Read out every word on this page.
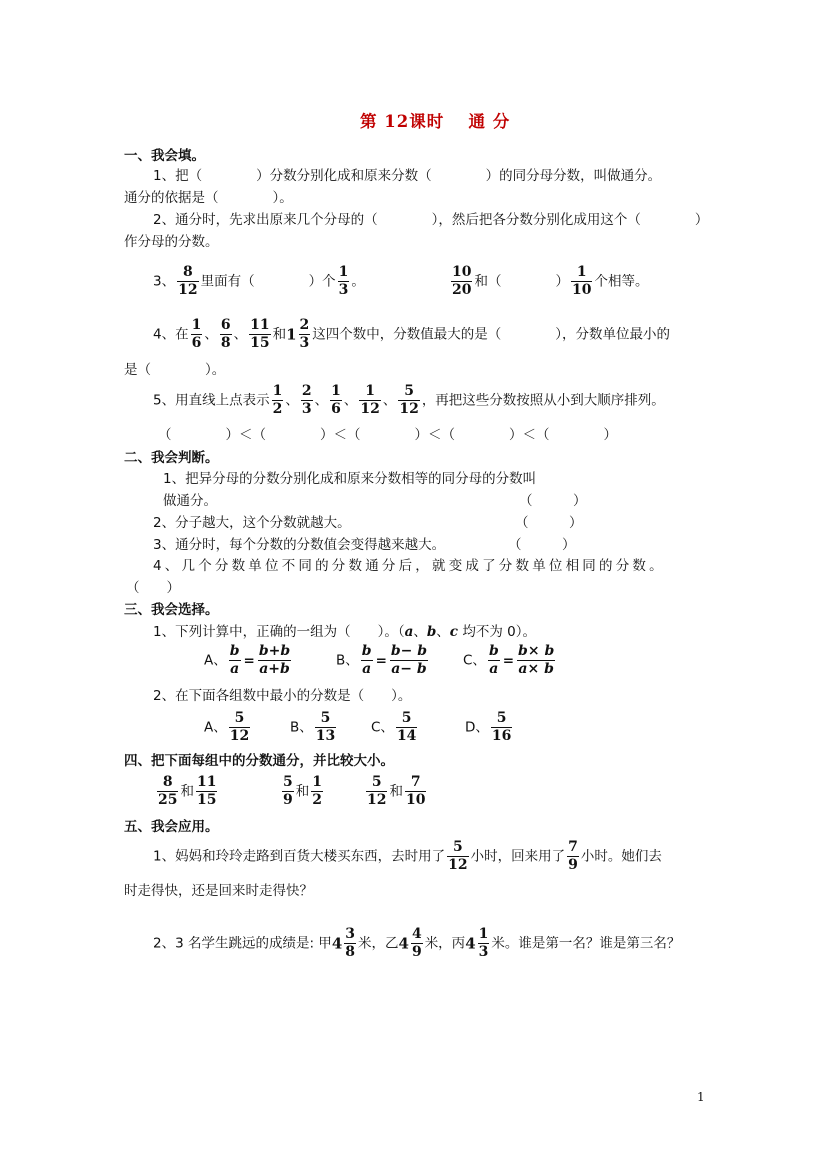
第 12课时　 通 分
一、我会填。
1、把（　　　　）分数分别化成和原来分数（　　　　）的同分母分数，叫做通分。
通分的依据是（　　　　）。
2、通分时，先求出原来几个分母的（　　　　），然后把各分数分别化成用这个（　　　　）
作分母的分数。
3、 $\frac{8}{12}$ 里面有（　　　　）个 $\frac{1}{3}$ 。	$\frac{10}{20}$ 和（　　　　） $\frac{1}{10}$ 个相等。
4、在 $\frac{1}{6}$ 、 $\frac{6}{8}$ 、 $\frac{11}{15}$ 和$1 \frac{2}{3}$ 这四个数中，分数值最大的是（　　　　），分数单位最小的
是（　　　　）。
5、用直线上点表示 $\frac{1}{2}$ 、 $\frac{2}{3}$ 、 $\frac{1}{6}$ 、 $\frac{1}{12}$ 、 $\frac{5}{12}$ ，再把这些分数按照从小到大顺序排列。
（　　　　）＜（　　　　）＜（　　　　）＜（　　　　）＜（　　　　）
二、我会判断。
1、把异分母的分数分别化成和原来分数相等的同分母的分数叫
做通分。	（　　　）
2、分子越大，这个分数就越大。	（　　　）
3、通分时，每个分数的分数值会变得越来越大。	（　　　）
4、几个分数单位不同的分数通分后，就变成了分数单位相同的分数。
（　　）
三、我会选择。
1、下列计算中，正确的一组为（　　）。（a、b、c 均不为 0）。
A、 $\frac{b}{a} = \frac{b+b}{a+b}$	B、 $\frac{b}{a} = \frac{b- b}{a- b}$	C、 $\frac{b}{a} = \frac{b\times b}{a\times b}$
2、在下面各组数中最小的分数是（　　）。
A、 $\frac{5}{12}$	B、 $\frac{5}{13}$	C、 $\frac{5}{14}$	D、 $\frac{5}{16}$
四、把下面每组中的分数通分，并比较大小。
$\frac{8}{25}$ 和 $\frac{11}{15}$	$\frac{5}{9}$ 和 $\frac{1}{2}$	$\frac{5}{12}$ 和 $\frac{7}{10}$
五、我会应用。
1、妈妈和玲玲走路到百货大楼买东西，去时用了 $\frac{5}{12}$ 小时，回来用了 $\frac{7}{9}$ 小时。她们去
时走得快，还是回来时走得快？
2、3 名学生跳远的成绩是: 甲$4 \frac{3}{8}$ 米，乙$4 \frac{4}{9}$ 米，丙$4 \frac{1}{3}$ 米。谁是第一名？谁是第三名？
1
